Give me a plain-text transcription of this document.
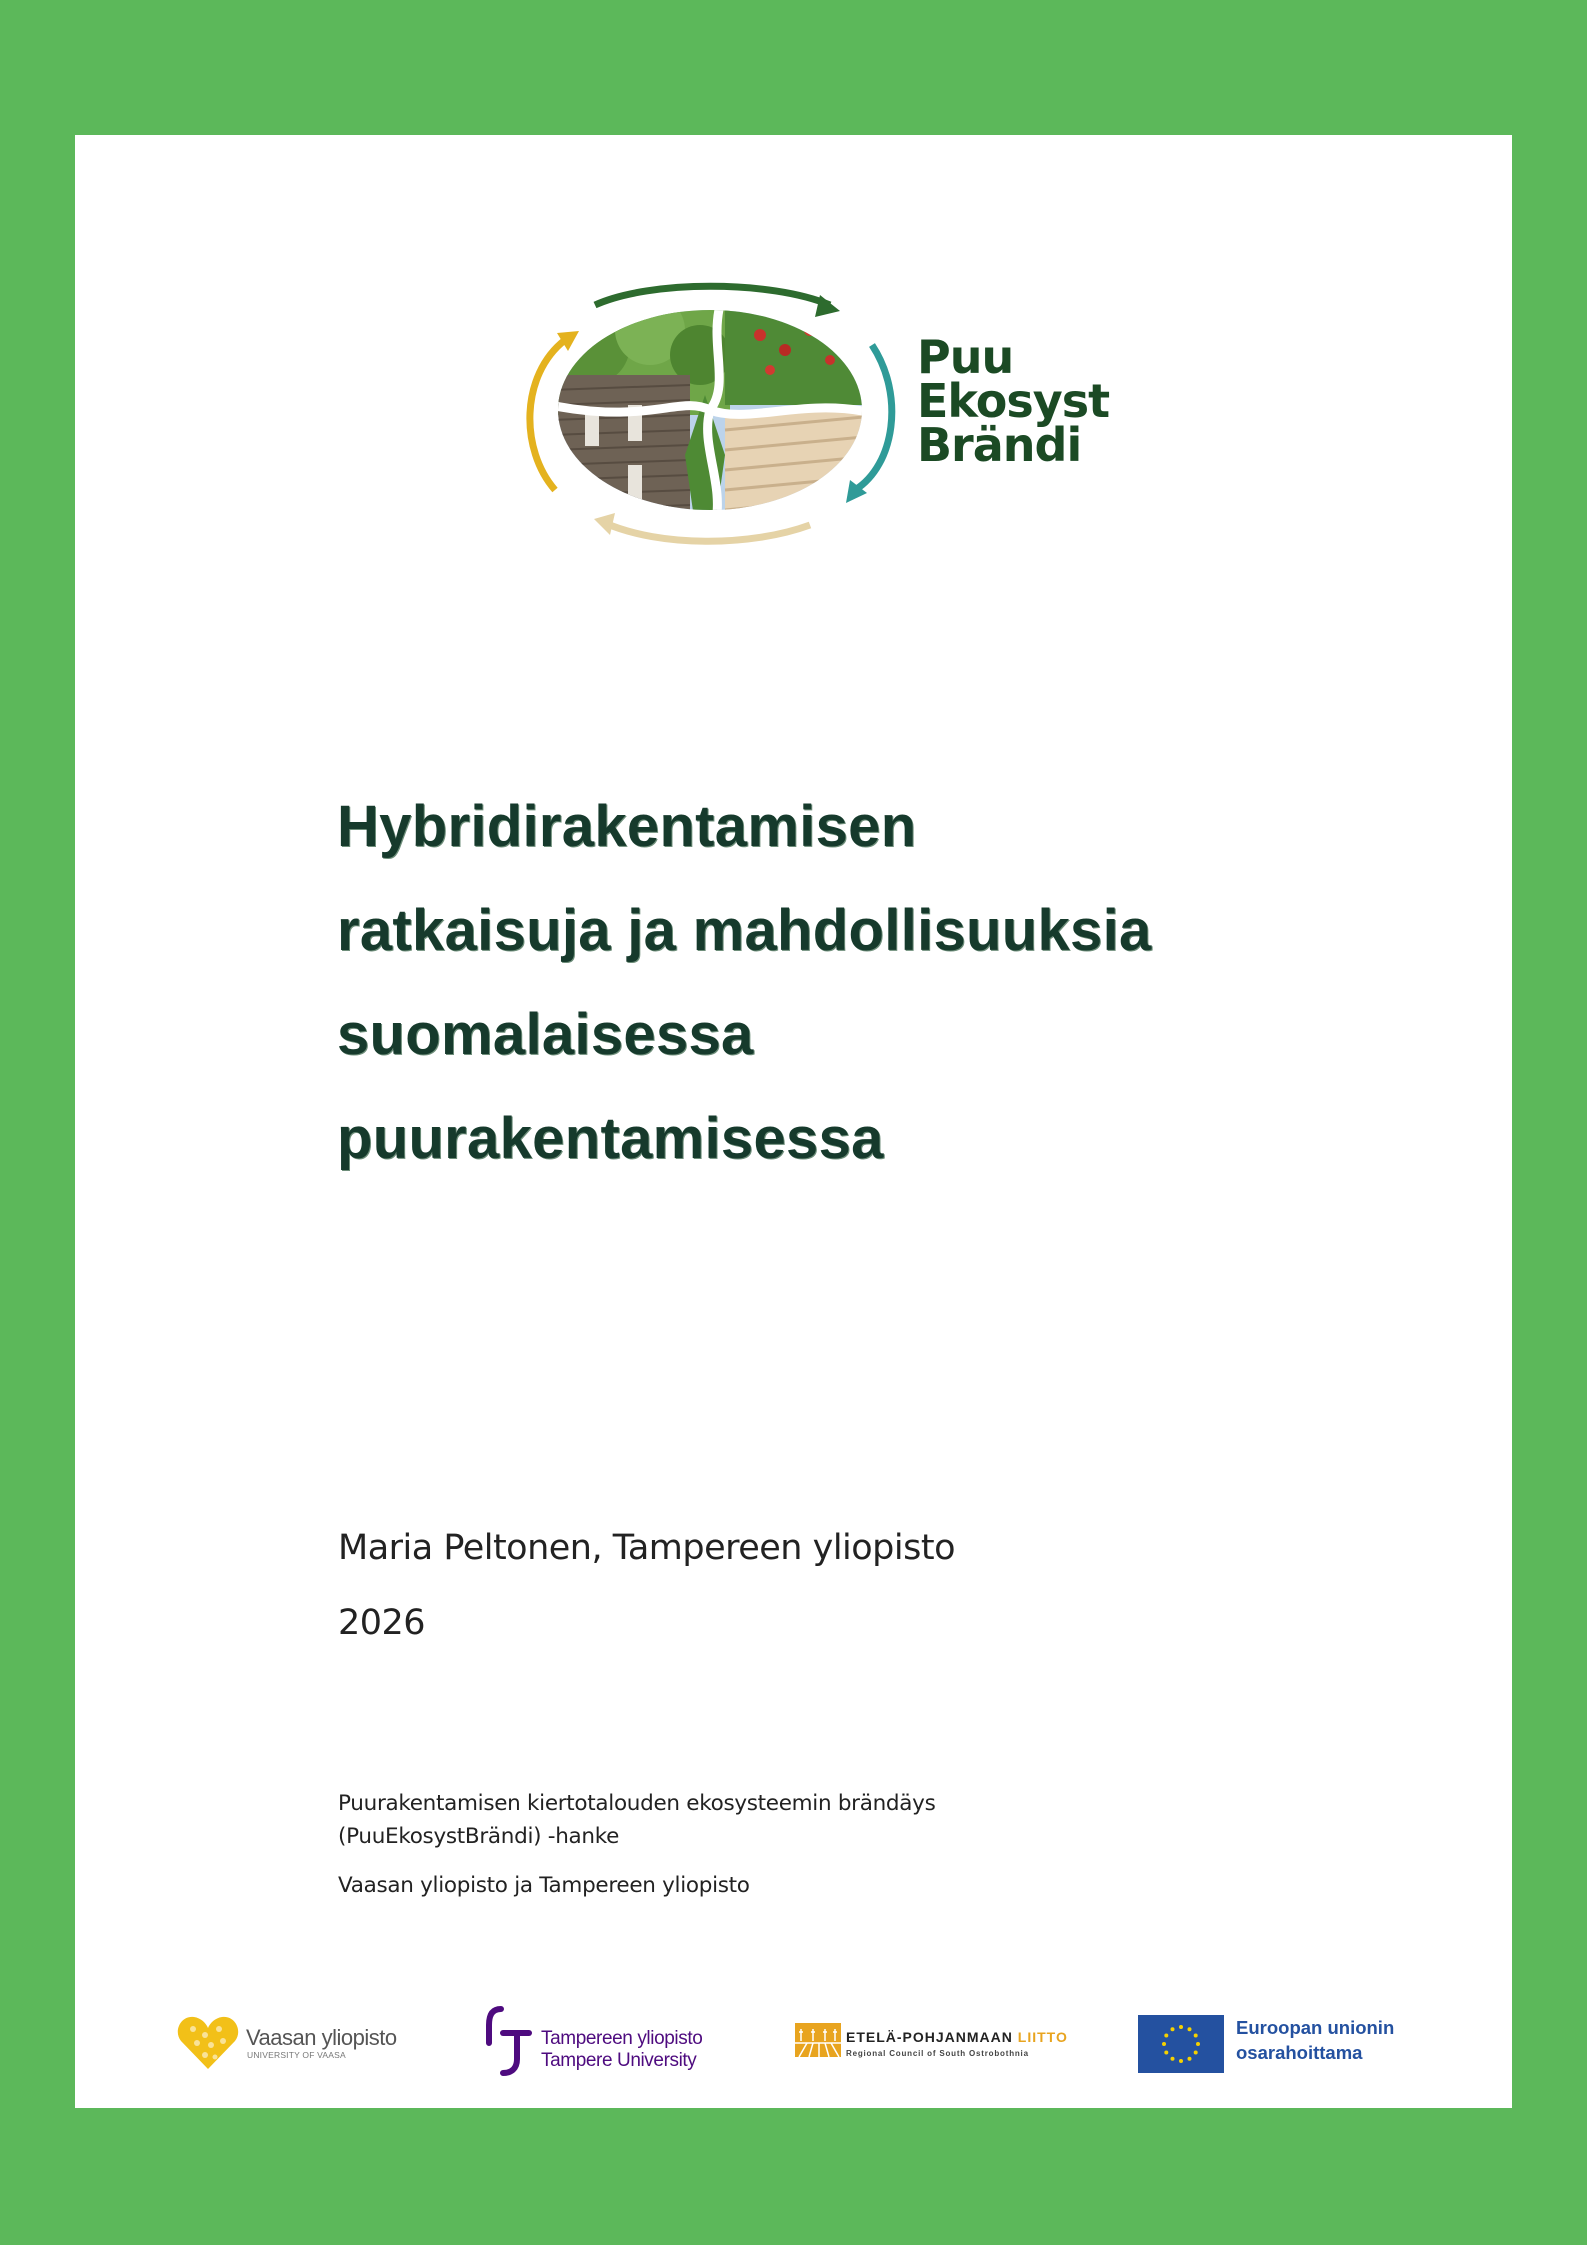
Puu
Ekosyst
Brändi
Hybridirakentamisen
ratkaisuja ja mahdollisuuksia
suomalaisessa
puurakentamisessa
Maria Peltonen, Tampereen yliopisto
2026
Puurakentamisen kiertotalouden ekosysteemin brändäys
(PuuEkosystBrändi) -hanke
Vaasan yliopisto ja Tampereen yliopisto
Vaasan yliopisto
UNIVERSITY OF VAASA
Tampereen yliopisto
Tampere University
ETELÄ-POHJANMAAN LIITTO
Regional Council of South Ostrobothnia
Euroopan unionin
osarahoittama
